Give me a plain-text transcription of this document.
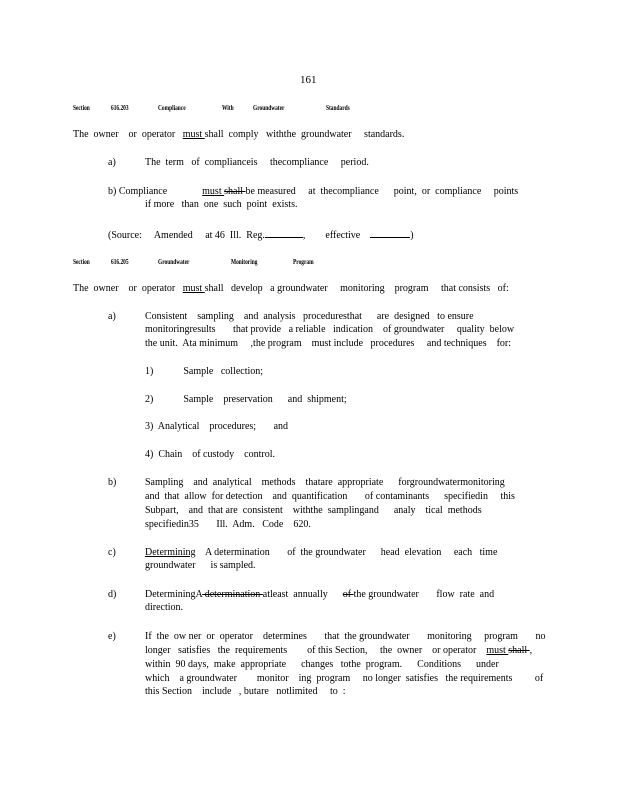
161
Section	616.203	Compliance	With	Groundwater	Standards
The  owner    or  operator   must shall  comply   withthe  groundwater     standards.
a)	The  term   of  complianceis     thecompliance     period.
b) Compliance              must shall be measured     at  thecompliance      point,  or  compliance     points
if more   than  one  such  point  exists.
(Source:     Amended     at 46  Ill.  Reg.	,        effective	)
Section	616.205	Groundwater	Monitoring	Program
The  owner    or  operator   must shall   develop   a groundwater     monitoring    program     that consists   of:
a)	Consistent    sampling    and  analysis   proceduresthat      are  designed   to ensure
monitoringresults       that provide   a reliable   indication    of groundwater     quality  below
the unit.  Ata minimum     ,the program    must include   procedures     and techniques    for:
1)            Sample   collection;
2)            Sample    preservation      and  shipment;
3)  Analytical    procedures;       and
4)  Chain    of custody    control.
b)	Sampling    and  analytical    methods    thatare  appropriate      forgroundwatermonitoring
and  that  allow  for detection    and  quantification       of contaminants      specifiedin     this
Subpart,    and  that are  consistent    withthe  samplingand      analy    tical  methods
specifiedin35       Ill.  Adm.   Code    620.
c)	Determining    A determination       of  the groundwater      head  elevation     each   time
groundwater      is sampled.
d)	DeterminingA determination atleast  annually      of the groundwater       flow  rate  and
direction.
e)	If  the  ow ner  or  operator    determines       that  the groundwater       monitoring     program       no
longer   satisfies   the  requirements        of this Section,     the  owner    or operator    must shall ,
within  90 days,  make  appropriate      changes   tothe  program.      Conditions      under
which    a groundwater        monitor    ing  program     no longer  satisfies   the requirements         of
this Section    include   , butare   notlimited     to  :
